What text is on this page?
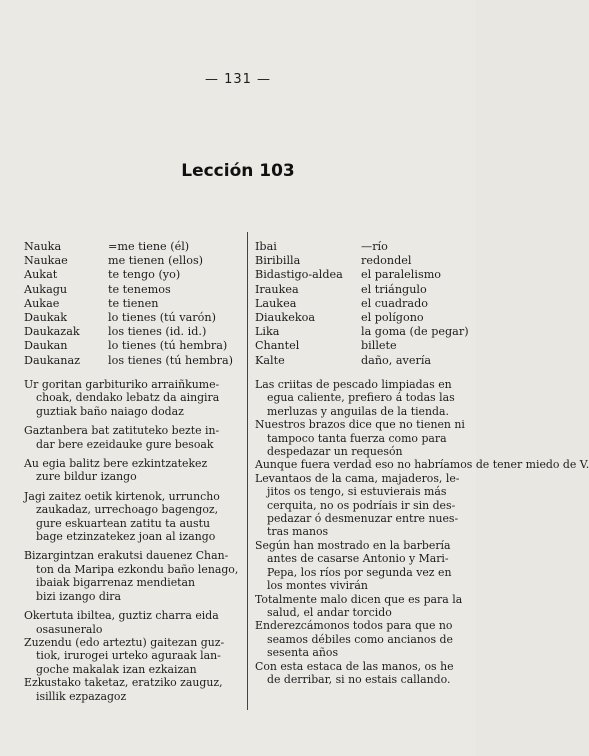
— 131 —
Lección 103
Nauka	=me tiene (él)
Naukae	me tienen (ellos)
Aukat	te tengo (yo)
Aukagu	te tenemos
Aukae	te tienen
Daukak	lo tienes (tú varón)
Daukazak	los tienes (id. id.)
Daukan	lo tienes (tú hembra)
Daukanaz los tienes (tú hembra)
Ibai	—río
Biribilla	redondel
Bidastigo-aldea el paralelismo
Iraukea	el triángulo
Laukea	el cuadrado
Diaukekoa	el polígono
Lika	la goma (de pegar)
Chantel	billete
Kalte	daño, avería
Ur goritan garbituriko arraiñkume-
choak, dendako lebatz da aingira
guztiak baño naiago dodaz
Gaztanbera bat zatituteko bezte in-
dar bere ezeidauke gure besoak
Au egia balitz bere ezkintzatekez
zure bildur izango
Jagi zaitez oetik kirtenok, urruncho
zaukadaz, urrechoago bagengoz,
gure eskuartean zatitu ta austu
bage etzinzatekez joan al izango
Bizargintzan erakutsi dauenez Chan-
ton da Maripa ezkondu baño lenago,
ibaiak bigarrenaz mendietan
bizi izango dira
Okertuta ibiltea, guztiz charra eida
osasuneralo
Zuzendu (edo arteztu) gaitezan guz-
tiok, irurogei urteko aguraak lan-
goche makalak izan ezkaizan
Ezkustako taketaz, eratziko zauguz,
isillik ezpazagoz
Las criitas de pescado limpiadas en
egua caliente, prefiero á todas las
merluzas y anguilas de la tienda.
Nuestros brazos dice que no tienen ni
tampoco tanta fuerza como para
despedazar un requesón
Aunque fuera verdad eso no habríamos de tener miedo de V.
Levantaos de la cama, majaderos, le-
jitos os tengo, si estuvierais más
cerquita, no os podríais ir sin des-
pedazar ó desmenuzar entre nues-
tras manos
Según han mostrado en la barbería
antes de casarse Antonio y Mari-
Pepa, los ríos por segunda vez en
los montes vivirán
Totalmente malo dicen que es para la
salud, el andar torcido
Enderezcámonos todos para que no
seamos débiles como ancianos de
sesenta años
Con esta estaca de las manos, os he
de derribar, si no estais callando.
